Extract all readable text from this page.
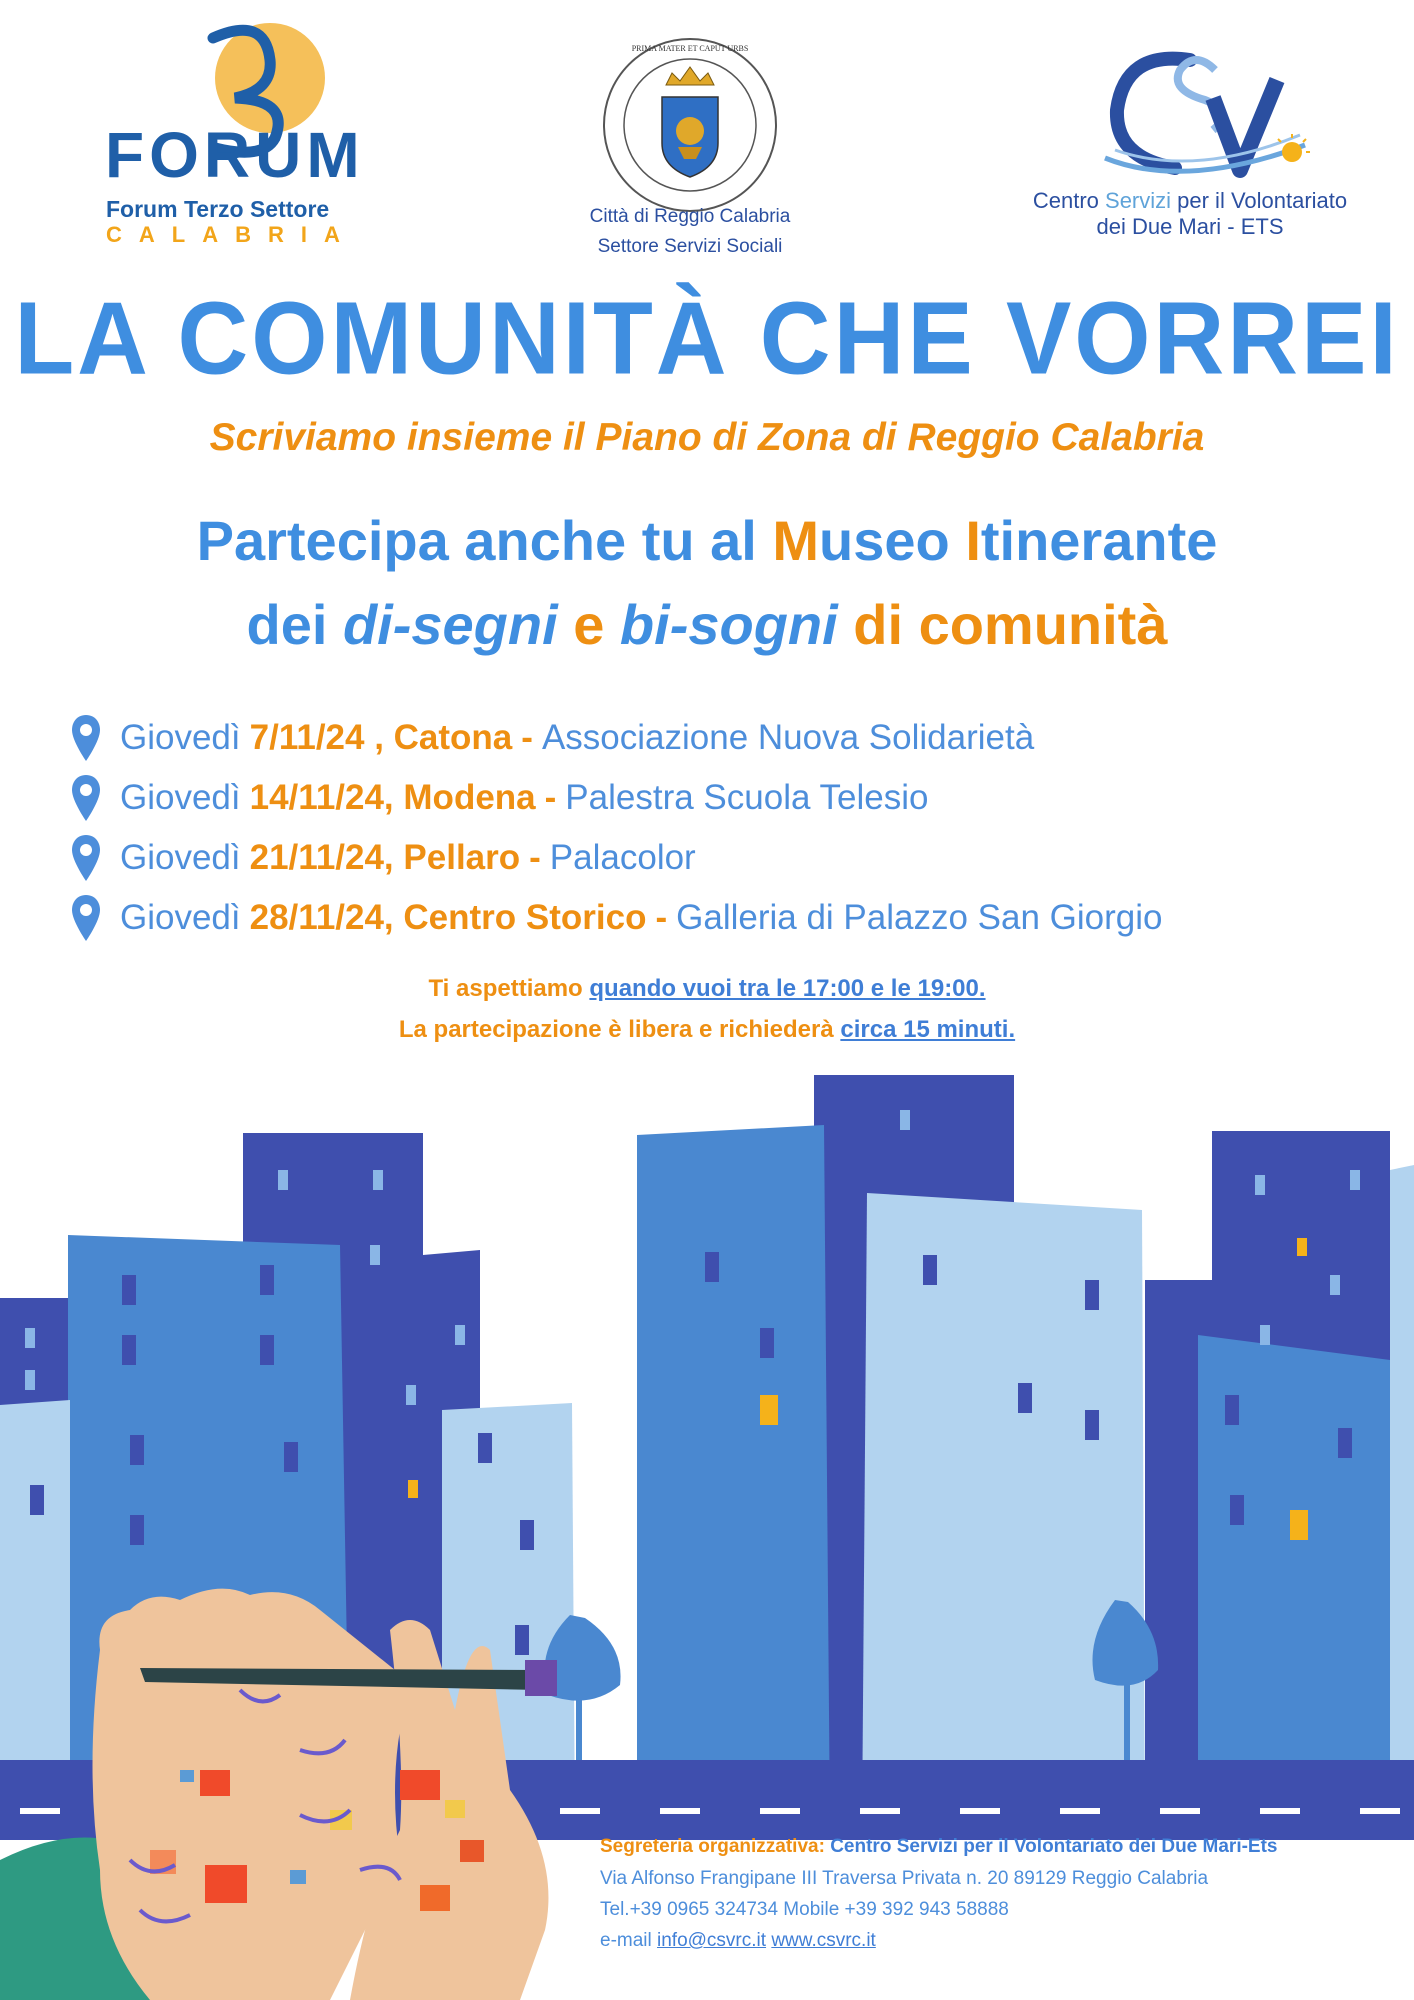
FORUM
Forum Terzo Settore
CALABRIA
PRIMA MATER ET CAPUT URBS
Città di Reggio Calabria
Settore Servizi Sociali
Centro Servizi per il Volontariato
dei Due Mari - ETS
LA COMUNITÀ CHE VORREI
Scriviamo insieme il Piano di Zona di Reggio Calabria
Partecipa anche tu al Museo Itinerante
dei di-segni e bi-sogni di comunità
Giovedì 7/11/24 ,
Catona - Associazione Nuova Solidarietà
Giovedì 14/11/24,
Modena - Palestra Scuola Telesio
Giovedì 21/11/24,
Pellaro - Palacolor
Giovedì 28/11/24,
Centro Storico - Galleria di Palazzo San Giorgio
Ti aspettiamo quando vuoi tra le 17:00 e le 19:00.
La partecipazione è libera e richiederà circa 15 minuti.
Segreteria organizzativa: Centro Servizi per il Volontariato dei Due Mari-Ets
Via Alfonso Frangipane III Traversa Privata n. 20 89129 Reggio Calabria
Tel.+39 0965 324734 Mobile +39 392 943 58888
e-mail info@csvrc.it www.csvrc.it
